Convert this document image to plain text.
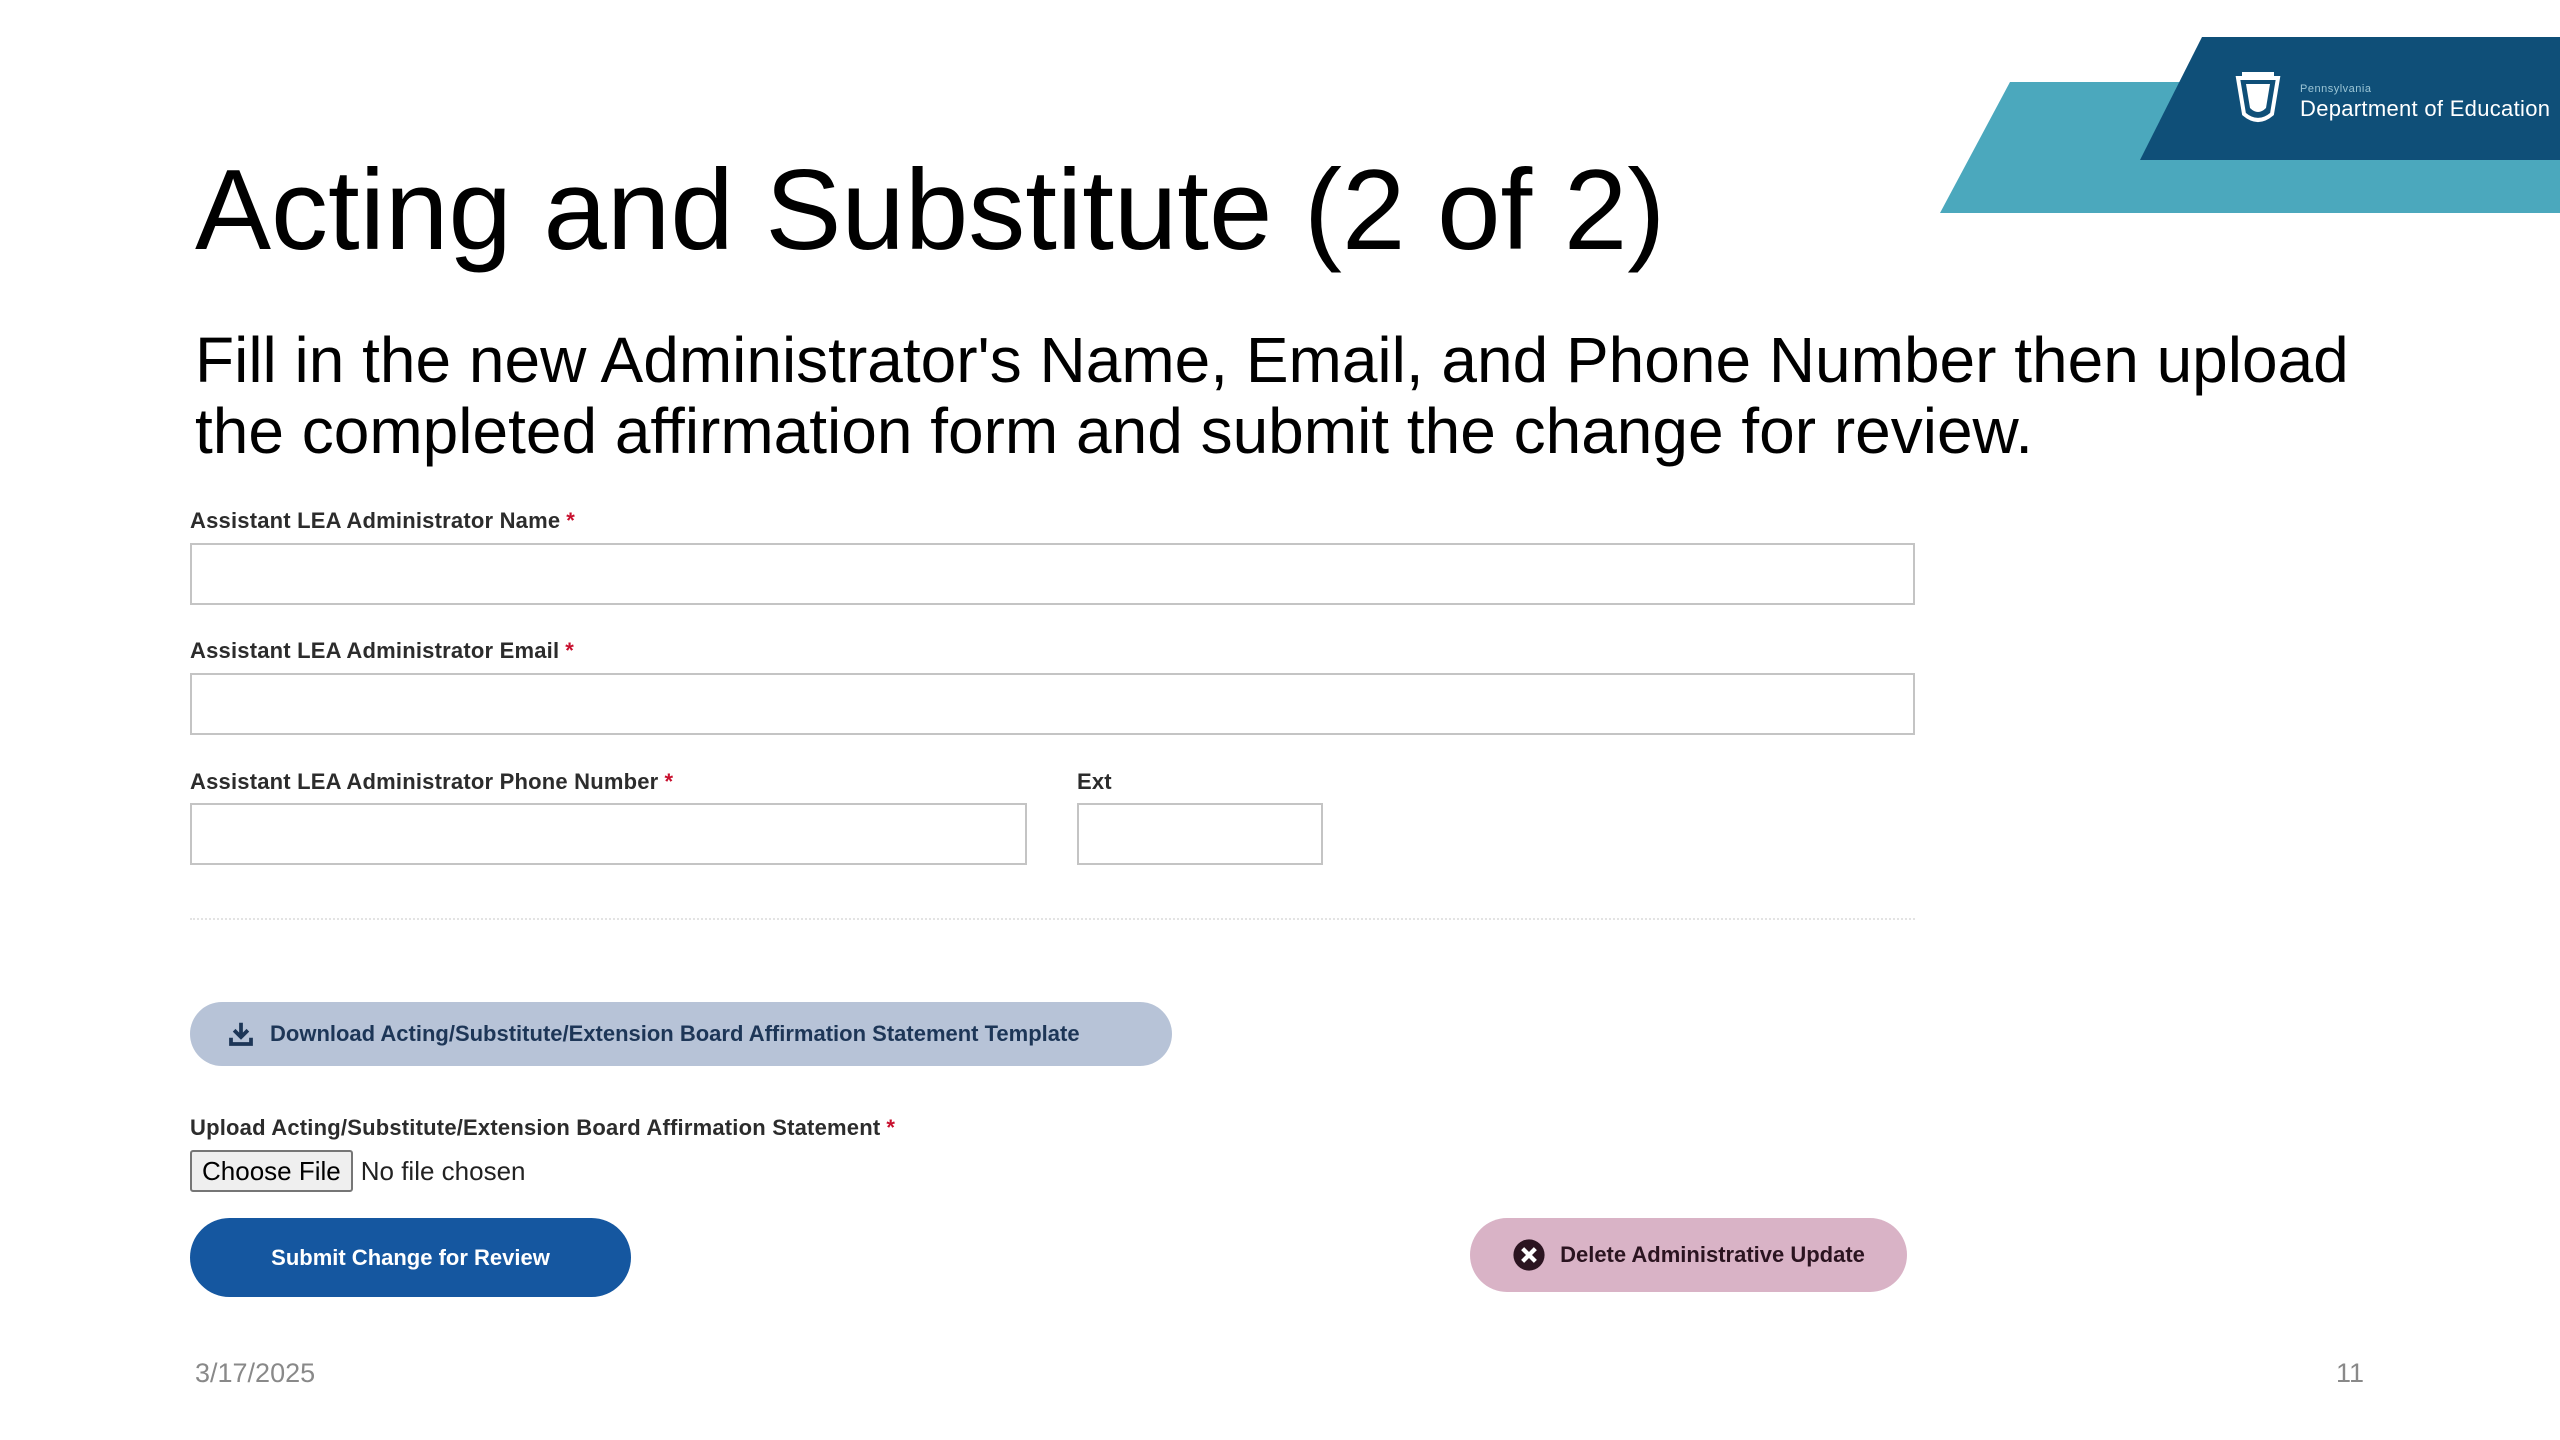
Pennsylvania
Department of Education
Acting and Substitute (2 of 2)
Fill in the new Administrator's Name, Email, and Phone Number then upload the completed affirmation form and submit the change for review.
Assistant LEA Administrator Name *
Assistant LEA Administrator Email *
Assistant LEA Administrator Phone Number *	Ext
Download Acting/Substitute/Extension Board Affirmation Statement Template
Upload Acting/Substitute/Extension Board Affirmation Statement *
Choose File No file chosen
Submit Change for Review	Delete Administrative Update
3/17/2025	11
